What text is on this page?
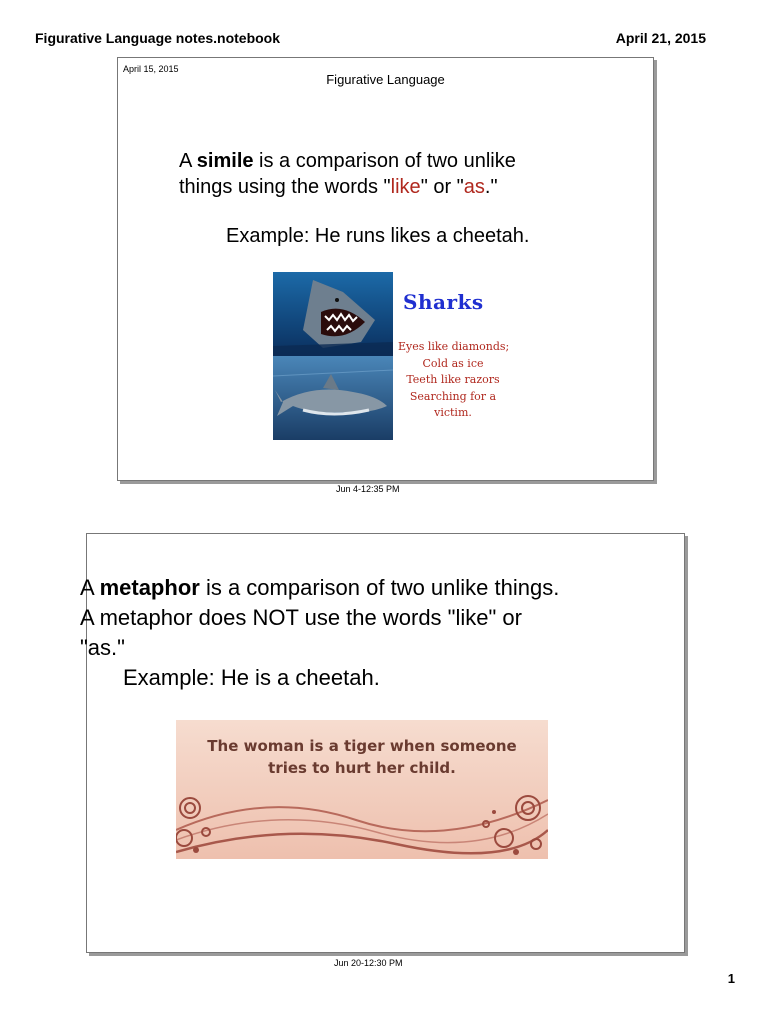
Figurative Language notes.notebook	April 21, 2015
April 15, 2015
Figurative Language
A simile is a comparison of two unlike
things using the words "like" or "as."
Example: He runs likes a cheetah.
Sharks
Eyes like diamonds;
Cold as ice
Teeth like razors
Searching for a
victim.
Jun 4-12:35 PM
A metaphor is a comparison of two unlike things.
A metaphor does NOT use the words "like" or
"as."
Example: He is a cheetah.
The woman is a tiger when someone
tries to hurt her child.
Jun 20-12:30 PM
1
